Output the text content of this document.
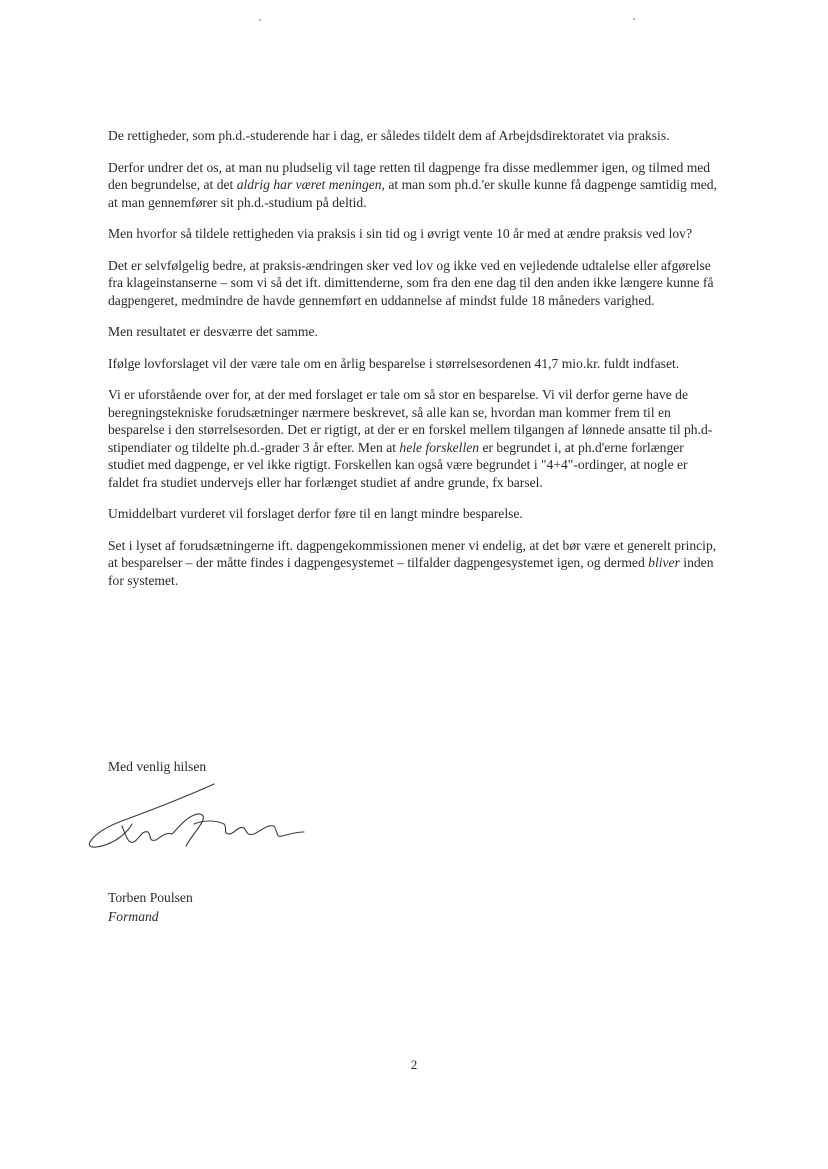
De rettigheder, som ph.d.-studerende har i dag, er således tildelt dem af Arbejdsdirektoratet via praksis.

Derfor undrer det os, at man nu pludselig vil tage retten til dagpenge fra disse medlemmer igen, og tilmed med den begrundelse, at det aldrig har været meningen, at man som ph.d.'er skulle kunne få dagpenge samtidig med, at man gennemfører sit ph.d.-studium på deltid.

Men hvorfor så tildele rettigheden via praksis i sin tid og i øvrigt vente 10 år med at ændre praksis ved lov?

Det er selvfølgelig bedre, at praksis-ændringen sker ved lov og ikke ved en vejledende udtalelse eller afgørelse fra klageinstanserne – som vi så det ift. dimittenderne, som fra den ene dag til den anden ikke længere kunne få dagpengeret, medmindre de havde gennemført en uddannelse af mindst fulde 18 måneders varighed.

Men resultatet er desværre det samme.

Ifølge lovforslaget vil der være tale om en årlig besparelse i størrelsesordenen 41,7 mio.kr. fuldt indfaset.

Vi er uforstående over for, at der med forslaget er tale om så stor en besparelse. Vi vil derfor gerne have de beregningstekniske forudsætninger nærmere beskrevet, så alle kan se, hvordan man kommer frem til en besparelse i den størrelsesorden. Det er rigtigt, at der er en forskel mellem tilgangen af lønnede ansatte til ph.d-stipendiater og tildelte ph.d.-grader 3 år efter. Men at hele forskellen er begrundet i, at ph.d'erne forlænger studiet med dagpenge, er vel ikke rigtigt. Forskellen kan også være begrundet i "4+4"-ordinger, at nogle er faldet fra studiet undervejs eller har forlænget studiet af andre grunde, fx barsel.

Umiddelbart vurderet vil forslaget derfor føre til en langt mindre besparelse.

Set i lyset af forudsætningerne ift. dagpengekommissionen mener vi endelig, at det bør være et generelt princip, at besparelser – der måtte findes i dagpengesystemet – tilfalder dagpengesystemet igen, og dermed bliver inden for systemet.

Med venlig hilsen
Torben Poulsen
Formand
2
